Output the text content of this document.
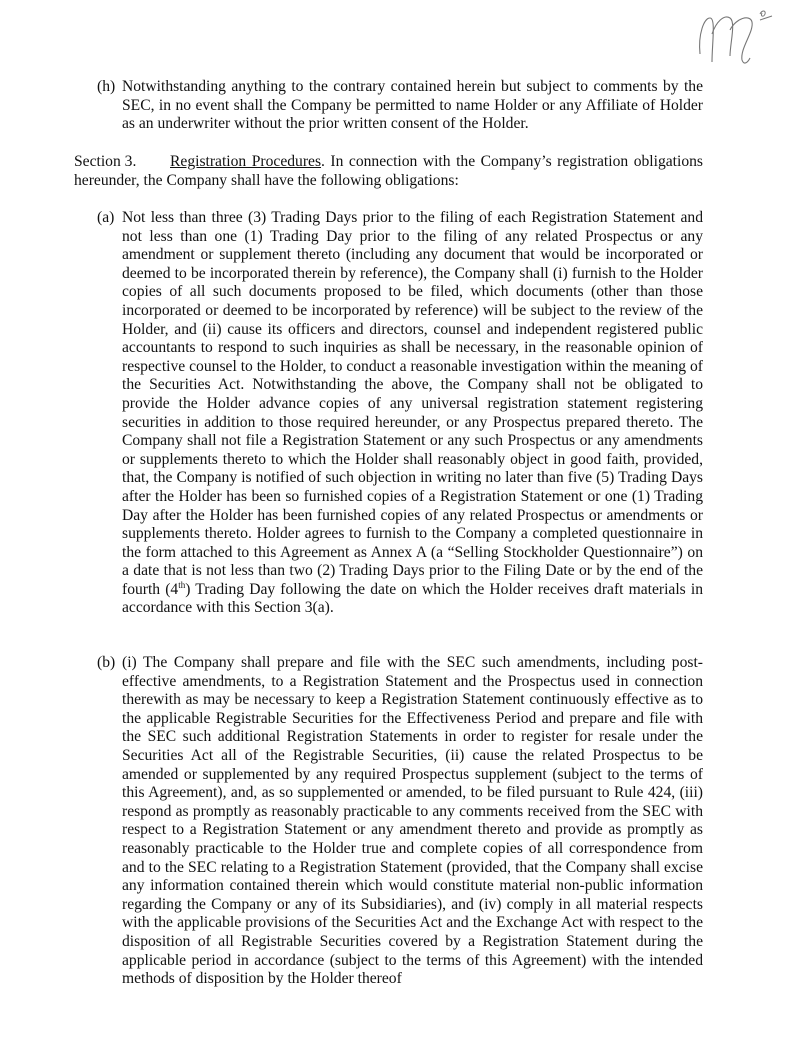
(h) Notwithstanding anything to the contrary contained herein but subject to comments by the SEC, in no event shall the Company be permitted to name Holder or any Affiliate of Holder as an underwriter without the prior written consent of the Holder.
Section 3. Registration Procedures. In connection with the Company’s registration obligations hereunder, the Company shall have the following obligations:
(a) Not less than three (3) Trading Days prior to the filing of each Registration Statement and not less than one (1) Trading Day prior to the filing of any related Prospectus or any amendment or supplement thereto (including any document that would be incorporated or deemed to be incorporated therein by reference), the Company shall (i) furnish to the Holder copies of all such documents proposed to be filed, which documents (other than those incorporated or deemed to be incorporated by reference) will be subject to the review of the Holder, and (ii) cause its officers and directors, counsel and independent registered public accountants to respond to such inquiries as shall be necessary, in the reasonable opinion of respective counsel to the Holder, to conduct a reasonable investigation within the meaning of the Securities Act. Notwithstanding the above, the Company shall not be obligated to provide the Holder advance copies of any universal registration statement registering securities in addition to those required hereunder, or any Prospectus prepared thereto. The Company shall not file a Registration Statement or any such Prospectus or any amendments or supplements thereto to which the Holder shall reasonably object in good faith, provided, that, the Company is notified of such objection in writing no later than five (5) Trading Days after the Holder has been so furnished copies of a Registration Statement or one (1) Trading Day after the Holder has been furnished copies of any related Prospectus or amendments or supplements thereto. Holder agrees to furnish to the Company a completed questionnaire in the form attached to this Agreement as Annex A (a “Selling Stockholder Questionnaire”) on a date that is not less than two (2) Trading Days prior to the Filing Date or by the end of the fourth (4th) Trading Day following the date on which the Holder receives draft materials in accordance with this Section 3(a).
(b) (i) The Company shall prepare and file with the SEC such amendments, including post-effective amendments, to a Registration Statement and the Prospectus used in connection therewith as may be necessary to keep a Registration Statement continuously effective as to the applicable Registrable Securities for the Effectiveness Period and prepare and file with the SEC such additional Registration Statements in order to register for resale under the Securities Act all of the Registrable Securities, (ii) cause the related Prospectus to be amended or supplemented by any required Prospectus supplement (subject to the terms of this Agreement), and, as so supplemented or amended, to be filed pursuant to Rule 424, (iii) respond as promptly as reasonably practicable to any comments received from the SEC with respect to a Registration Statement or any amendment thereto and provide as promptly as reasonably practicable to the Holder true and complete copies of all correspondence from and to the SEC relating to a Registration Statement (provided, that the Company shall excise any information contained therein which would constitute material non-public information regarding the Company or any of its Subsidiaries), and (iv) comply in all material respects with the applicable provisions of the Securities Act and the Exchange Act with respect to the disposition of all Registrable Securities covered by a Registration Statement during the applicable period in accordance (subject to the terms of this Agreement) with the intended methods of disposition by the Holder thereof
